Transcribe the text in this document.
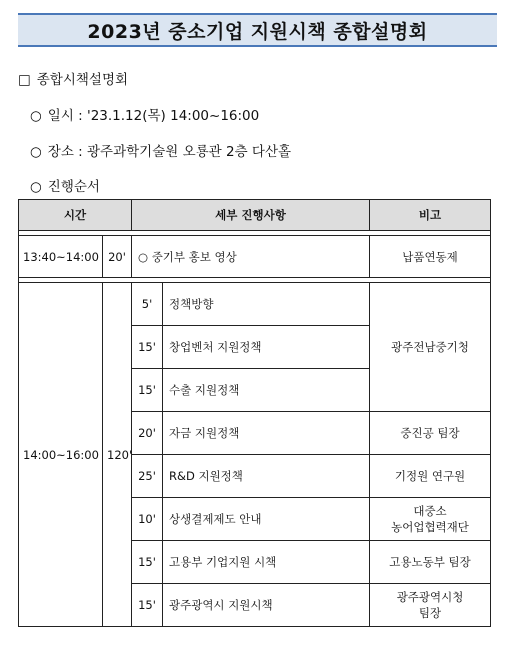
2023년 중소기업 지원시책 종합설명회
□ 종합시책설명회
○ 일시 : '23.1.12(목) 14:00~16:00
○ 장소 : 광주과학기술원 오룡관 2층 다산홀
○ 진행순서
시간		세부 진행사항		비고

13:40~14:00	20'	○ 중기부 홍보 영상		납품연동제

14:00~16:00	120'	5'	정책방향	광주전남중기청
		15'	창업벤처 지원정책	
		15'	수출 지원정책	
		20'	자금 지원정책	중진공 팀장
		25'	R&D 지원정책	기정원 연구원
		10'	상생결제제도 안내	대중소
농어업협력재단

		15'	고용부 기업지원 시책	고용노동부 팀장
		15'	광주광역시 지원시책	광주광역시청
팀장
